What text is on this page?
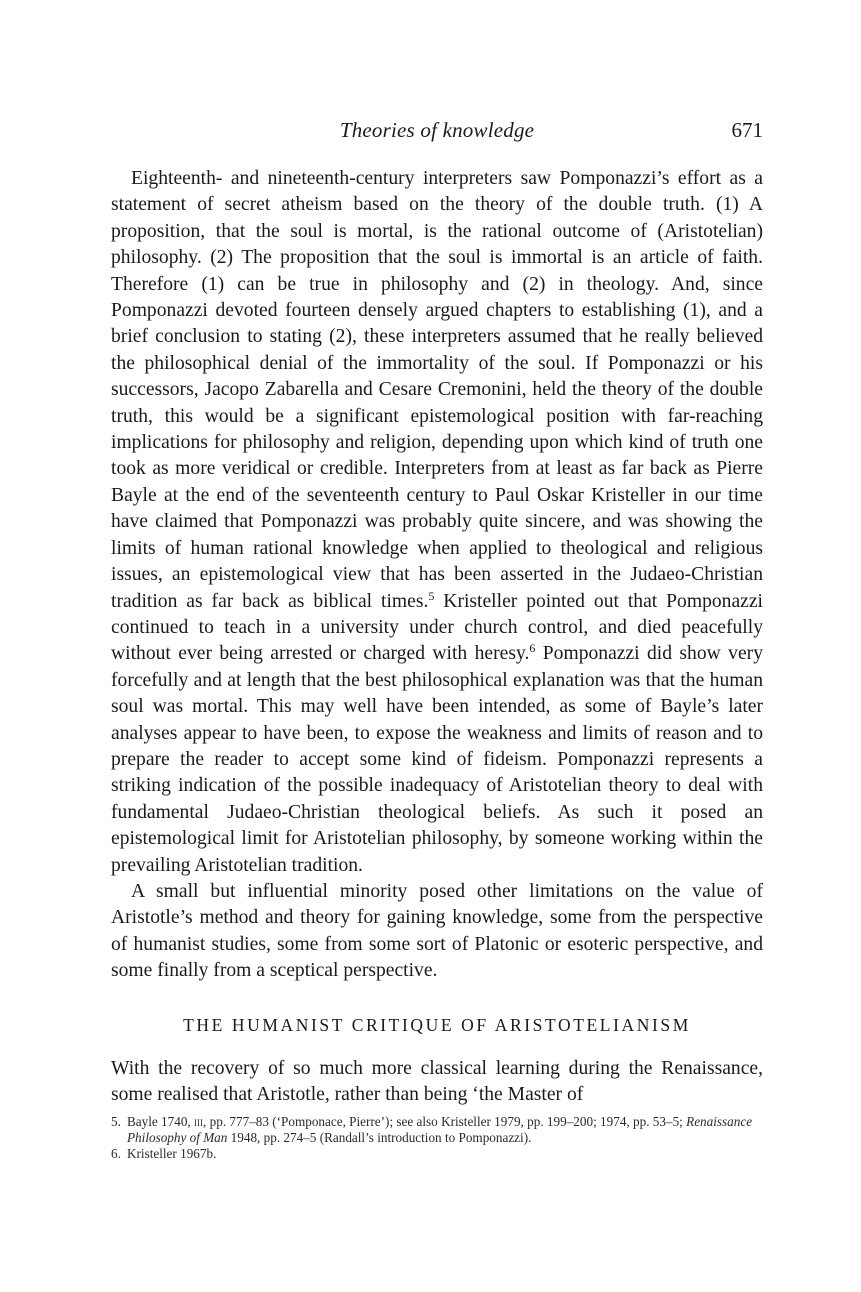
Theories of knowledge	671

Eighteenth- and nineteenth-century interpreters saw Pomponazzi’s effort as a statement of secret atheism based on the theory of the double truth. (1) A proposition, that the soul is mortal, is the rational outcome of (Aristotelian) philosophy. (2) The proposition that the soul is immortal is an article of faith. Therefore (1) can be true in philosophy and (2) in theology. And, since Pomponazzi devoted fourteen densely argued chapters to establishing (1), and a brief conclusion to stating (2), these interpreters assumed that he really believed the philosophical denial of the immortality of the soul. If Pomponazzi or his successors, Jacopo Zabarella and Cesare Cremonini, held the theory of the double truth, this would be a significant epistemological position with far-reaching implications for philosophy and religion, depending upon which kind of truth one took as more veridical or credible. Interpreters from at least as far back as Pierre Bayle at the end of the seventeenth century to Paul Oskar Kristeller in our time have claimed that Pomponazzi was probably quite sincere, and was showing the limits of human rational knowledge when applied to theological and religious issues, an epistemological view that has been asserted in the Judaeo-Christian tradition as far back as biblical times.$^5$ Kristeller pointed out that Pomponazzi continued to teach in a university under church control, and died peacefully without ever being arrested or charged with heresy.$^6$ Pomponazzi did show very forcefully and at length that the best philosophical explanation was that the human soul was mortal. This may well have been intended, as some of Bayle’s later analyses appear to have been, to expose the weakness and limits of reason and to prepare the reader to accept some kind of fideism. Pomponazzi represents a striking indication of the possible inadequacy of Aristotelian theory to deal with fundamental Judaeo-Christian theological beliefs. As such it posed an epistemological limit for Aristotelian philosophy, by someone working within the prevailing Aristotelian tradition.

A small but influential minority posed other limitations on the value of Aristotle’s method and theory for gaining knowledge, some from the perspective of humanist studies, some from some sort of Platonic or esoteric perspective, and some finally from a sceptical perspective.

THE HUMANIST CRITIQUE OF ARISTOTELIANISM

With the recovery of so much more classical learning during the Renaissance, some realised that Aristotle, rather than being ‘the Master of

5. Bayle 1740, iii, pp. 777–83 (‘Pomponace, Pierre’); see also Kristeller 1979, pp. 199–200; 1974, pp. 53–5; Renaissance Philosophy of Man 1948, pp. 274–5 (Randall’s introduction to Pomponazzi).
6. Kristeller 1967b.
